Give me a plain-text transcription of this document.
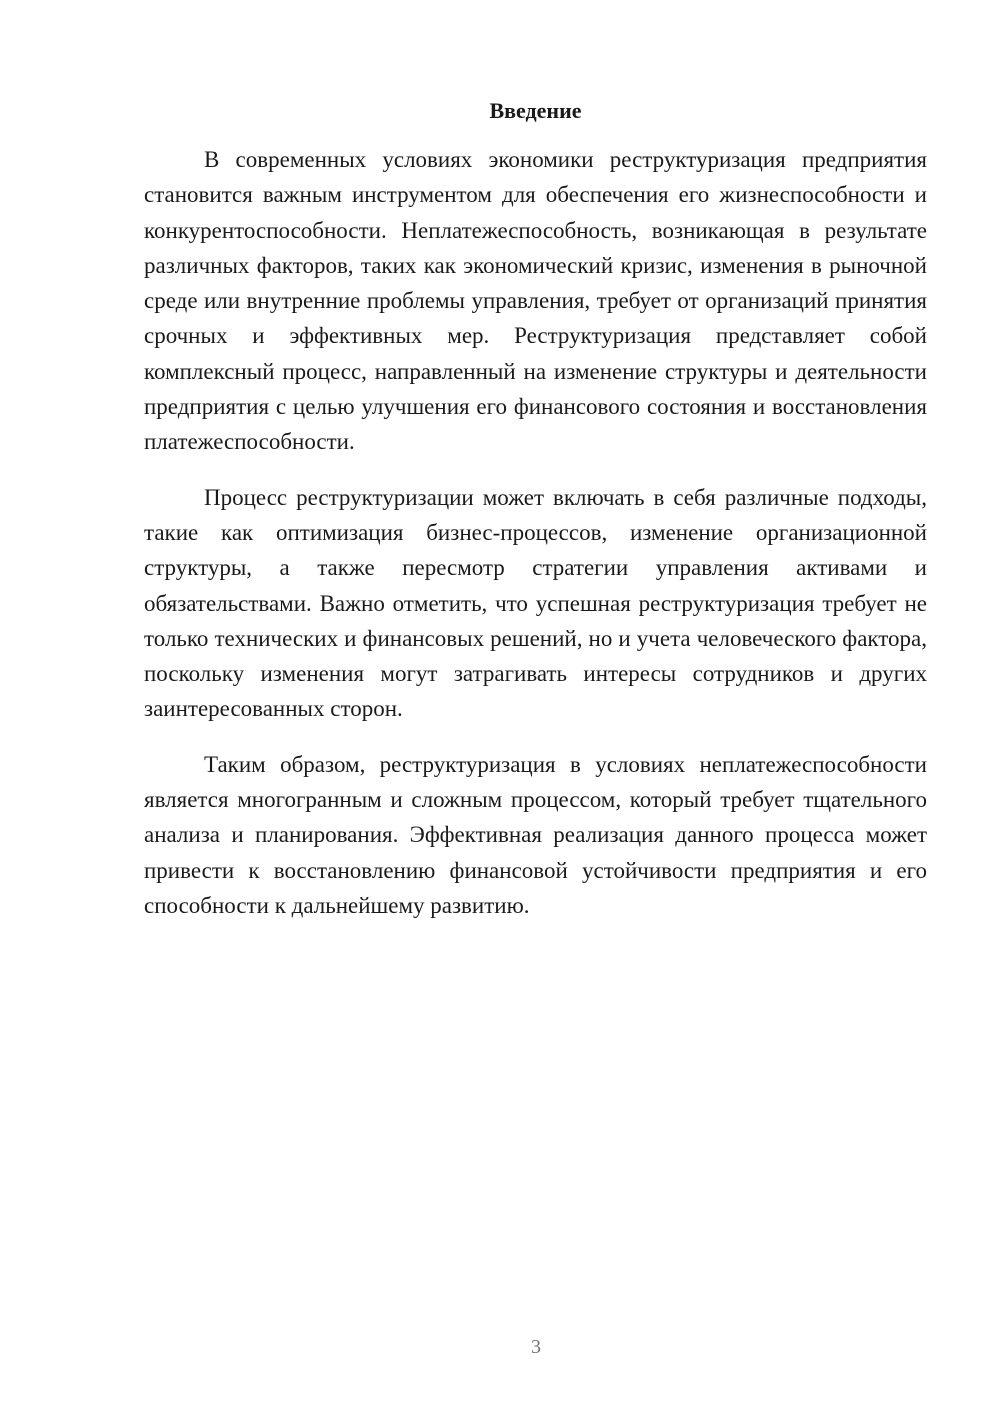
Введение

В современных условиях экономики реструктуризация предприятия становится важным инструментом для обеспечения его жизнеспособности и конкурентоспособности. Неплатежеспособность, возникающая в результате различных факторов, таких как экономический кризис, изменения в рыночной среде или внутренние проблемы управления, требует от организаций принятия срочных и эффективных мер. Реструктуризация представляет собой комплексный процесс, направленный на изменение структуры и деятельности предприятия с целью улучшения его финансового состояния и восстановления платежеспособности.

Процесс реструктуризации может включать в себя различные подходы, такие как оптимизация бизнес-процессов, изменение организационной структуры, а также пересмотр стратегии управления активами и обязательствами. Важно отметить, что успешная реструктуризация требует не только технических и финансовых решений, но и учета человеческого фактора, поскольку изменения могут затрагивать интересы сотрудников и других заинтересованных сторон.

Таким образом, реструктуризация в условиях неплатежеспособности является многогранным и сложным процессом, который требует тщательного анализа и планирования. Эффективная реализация данного процесса может привести к восстановлению финансовой устойчивости предприятия и его способности к дальнейшему развитию.

3
